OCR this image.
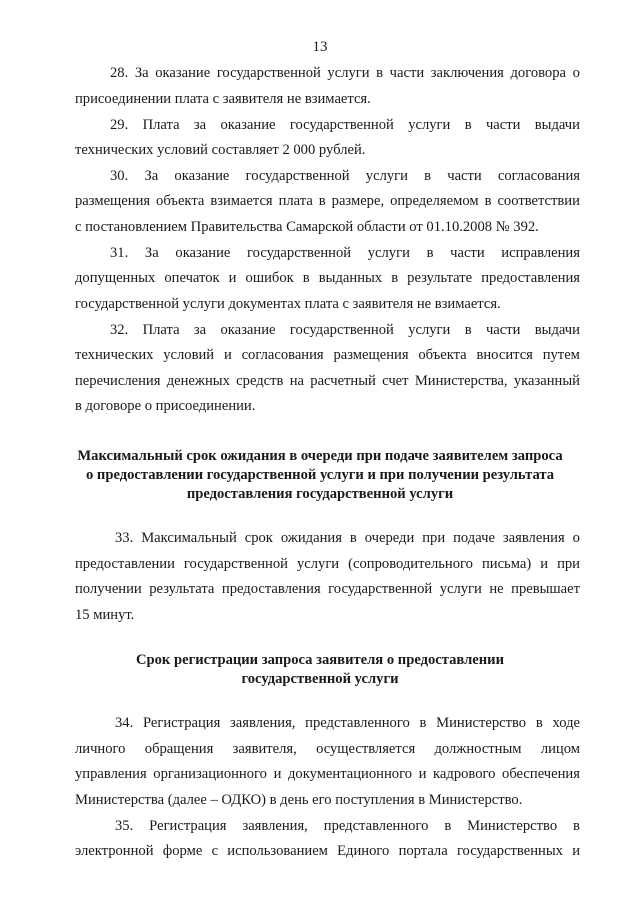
13
28. За оказание государственной услуги в части заключения договора о
присоединении плата с заявителя не взимается.
29. Плата за оказание государственной услуги в части выдачи
технических условий составляет 2 000 рублей.
30. За оказание государственной услуги в части согласования
размещения объекта взимается плата в размере, определяемом в соответствии
с постановлением Правительства Самарской области от 01.10.2008 № 392.
31. За оказание государственной услуги в части исправления
допущенных опечаток и ошибок в выданных в результате предоставления
государственной услуги документах плата с заявителя не взимается.
32. Плата за оказание государственной услуги в части выдачи
технических условий и согласования размещения объекта вносится путем
перечисления денежных средств на расчетный счет Министерства, указанный
в договоре о присоединении.
Максимальный срок ожидания в очереди при подаче заявителем запроса
о предоставлении государственной услуги и при получении результата
предоставления государственной услуги
33. Максимальный срок ожидания в очереди при подаче заявления о
предоставлении государственной услуги (сопроводительного письма) и при
получении результата предоставления государственной услуги не превышает
15 минут.
Срок регистрации запроса заявителя о предоставлении
государственной услуги
34. Регистрация заявления, представленного в Министерство в ходе
личного обращения заявителя, осуществляется должностным лицом
управления организационного и документационного и кадрового обеспечения
Министерства (далее – ОДКО) в день его поступления в Министерство.
35. Регистрация заявления, представленного в Министерство в
электронной форме с использованием Единого портала государственных и
